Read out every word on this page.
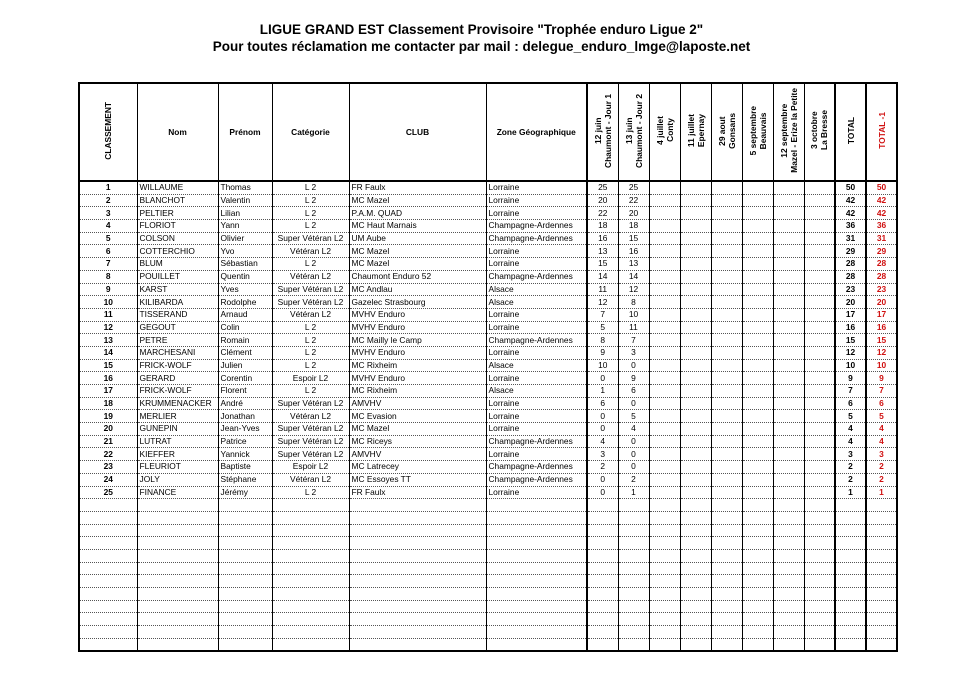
LIGUE GRAND EST Classement Provisoire "Trophée enduro Ligue 2"
Pour toutes réclamation me contacter par mail : delegue_enduro_lmge@laposte.net
CLASSEMENT	Nom	Prénom	Catégorie	CLUB	Zone Géographique	12 juin
Chaumont - Jour 1	13 juin
Chaumont - Jour 2	4 juillet
Conty	11 juillet
Epernay	29 aout
Gonsans	5 septembre
Beauvais	12 septembre
Mazel - Erize la Petite	3 octobre
La Bresse	TOTAL	TOTAL -1
1	WILLAUME	Thomas	L 2	FR Faulx	Lorraine	25	25							50	50
2	BLANCHOT	Valentin	L 2	MC Mazel	Lorraine	20	22							42	42
3	PELTIER	Lilian	L 2	P.A.M. QUAD	Lorraine	22	20							42	42
4	FLORIOT	Yann	L 2	MC Haut Marnais	Champagne-Ardennes	18	18							36	36
5	COLSON	Olivier	Super Vétéran L2	UM Aube	Champagne-Ardennes	16	15							31	31
6	COTTERCHIO	Yvo	Vétéran L2	MC Mazel	Lorraine	13	16							29	29
7	BLUM	Sébastian	L 2	MC Mazel	Lorraine	15	13							28	28
8	POUILLET	Quentin	Vétéran L2	Chaumont Enduro 52	Champagne-Ardennes	14	14							28	28
9	KARST	Yves	Super Vétéran L2	MC Andlau	Alsace	11	12							23	23
10	KILIBARDA	Rodolphe	Super Vétéran L2	Gazelec Strasbourg	Alsace	12	8							20	20
11	TISSERAND	Arnaud	Vétéran L2	MVHV Enduro	Lorraine	7	10							17	17
12	GEGOUT	Colin	L 2	MVHV Enduro	Lorraine	5	11							16	16
13	PETRE	Romain	L 2	MC Mailly le Camp	Champagne-Ardennes	8	7							15	15
14	MARCHESANI	Clément	L 2	MVHV Enduro	Lorraine	9	3							12	12
15	FRICK-WOLF	Julien	L 2	MC Rixheim	Alsace	10	0							10	10
16	GERARD	Corentin	Espoir L2	MVHV Enduro	Lorraine	0	9							9	9
17	FRICK-WOLF	Florent	L 2	MC Rixheim	Alsace	1	6							7	7
18	KRUMMENACKER	André	Super Vétéran L2	AMVHV	Lorraine	6	0							6	6
19	MERLIER	Jonathan	Vétéran L2	MC Evasion	Lorraine	0	5							5	5
20	GUNEPIN	Jean-Yves	Super Vétéran L2	MC Mazel	Lorraine	0	4							4	4
21	LUTRAT	Patrice	Super Vétéran L2	MC Riceys	Champagne-Ardennes	4	0							4	4
22	KIEFFER	Yannick	Super Vétéran L2	AMVHV	Lorraine	3	0							3	3
23	FLEURIOT	Baptiste	Espoir L2	MC Latrecey	Champagne-Ardennes	2	0							2	2
24	JOLY	Stéphane	Vétéran L2	MC Essoyes TT	Champagne-Ardennes	0	2							2	2
25	FINANCE	Jérémy	L 2	FR Faulx	Lorraine	0	1							1	1
